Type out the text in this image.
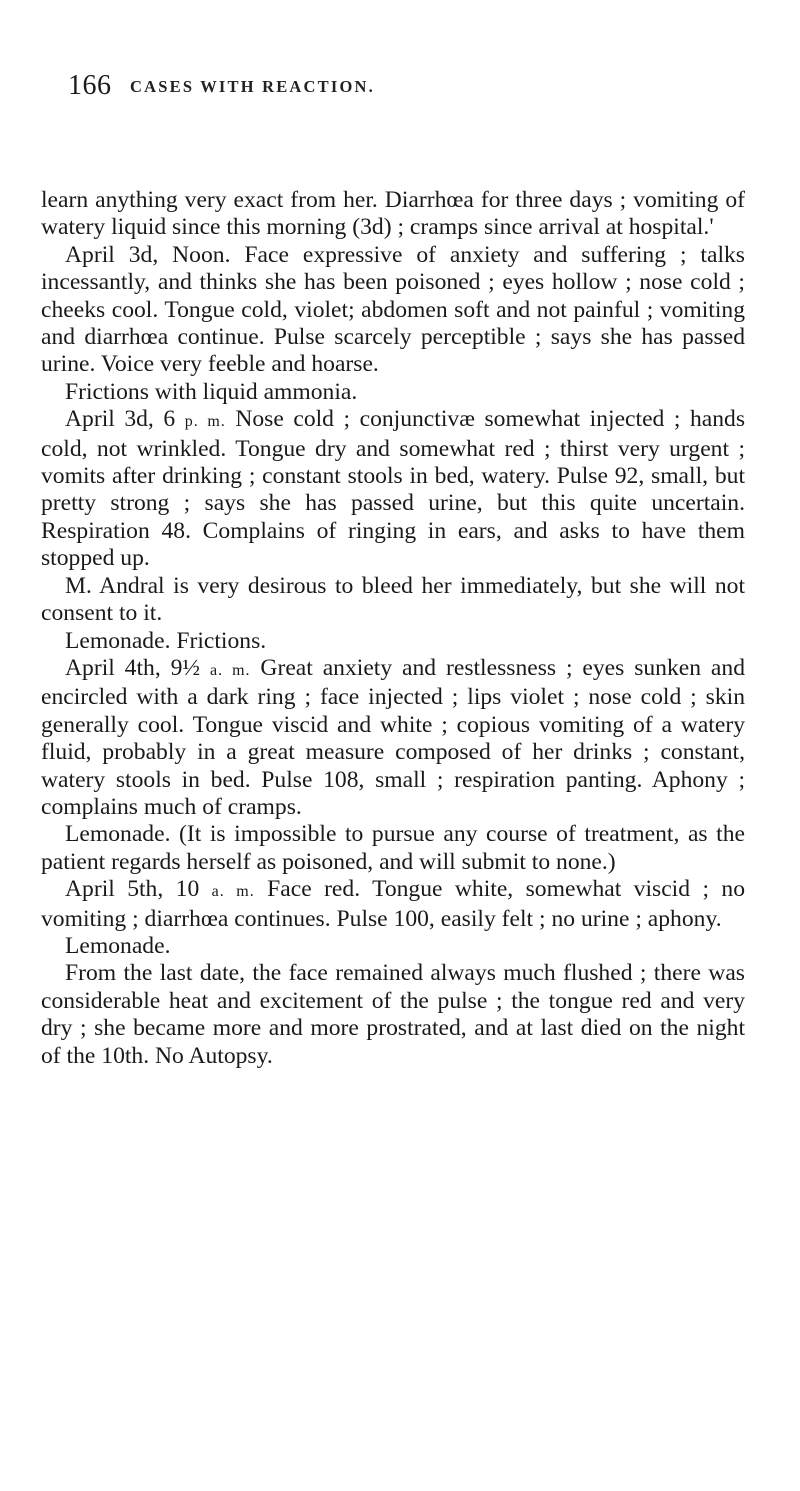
166 CASES WITH REACTION.

learn anything very exact from her. Diarrhœa for three days ; vomiting of watery liquid since this morning (3d) ; cramps since arrival at hospital.'

April 3d, Noon. Face expressive of anxiety and suffering ; talks incessantly, and thinks she has been poisoned ; eyes hollow ; nose cold ; cheeks cool. Tongue cold, violet; abdomen soft and not painful ; vomiting and diarrhœa continue. Pulse scarcely perceptible ; says she has passed urine. Voice very feeble and hoarse.

Frictions with liquid ammonia.

April 3d, 6 p. m. Nose cold ; conjunctivæ somewhat injected ; hands cold, not wrinkled. Tongue dry and somewhat red ; thirst very urgent ; vomits after drinking ; constant stools in bed, watery. Pulse 92, small, but pretty strong ; says she has passed urine, but this quite uncertain. Respiration 48. Complains of ringing in ears, and asks to have them stopped up.

M. Andral is very desirous to bleed her immediately, but she will not consent to it.

Lemonade. Frictions.

April 4th, 9½ a. m. Great anxiety and restlessness ; eyes sunken and encircled with a dark ring ; face injected ; lips violet ; nose cold ; skin generally cool. Tongue viscid and white ; copious vomiting of a watery fluid, probably in a great measure composed of her drinks ; constant, watery stools in bed. Pulse 108, small ; respiration panting. Aphony ; complains much of cramps.

Lemonade. (It is impossible to pursue any course of treatment, as the patient regards herself as poisoned, and will submit to none.)

April 5th, 10 a. m. Face red. Tongue white, somewhat viscid ; no vomiting ; diarrhœa continues. Pulse 100, easily felt ; no urine ; aphony.

Lemonade.

From the last date, the face remained always much flushed ; there was considerable heat and excitement of the pulse ; the tongue red and very dry ; she became more and more prostrated, and at last died on the night of the 10th. No Autopsy.
